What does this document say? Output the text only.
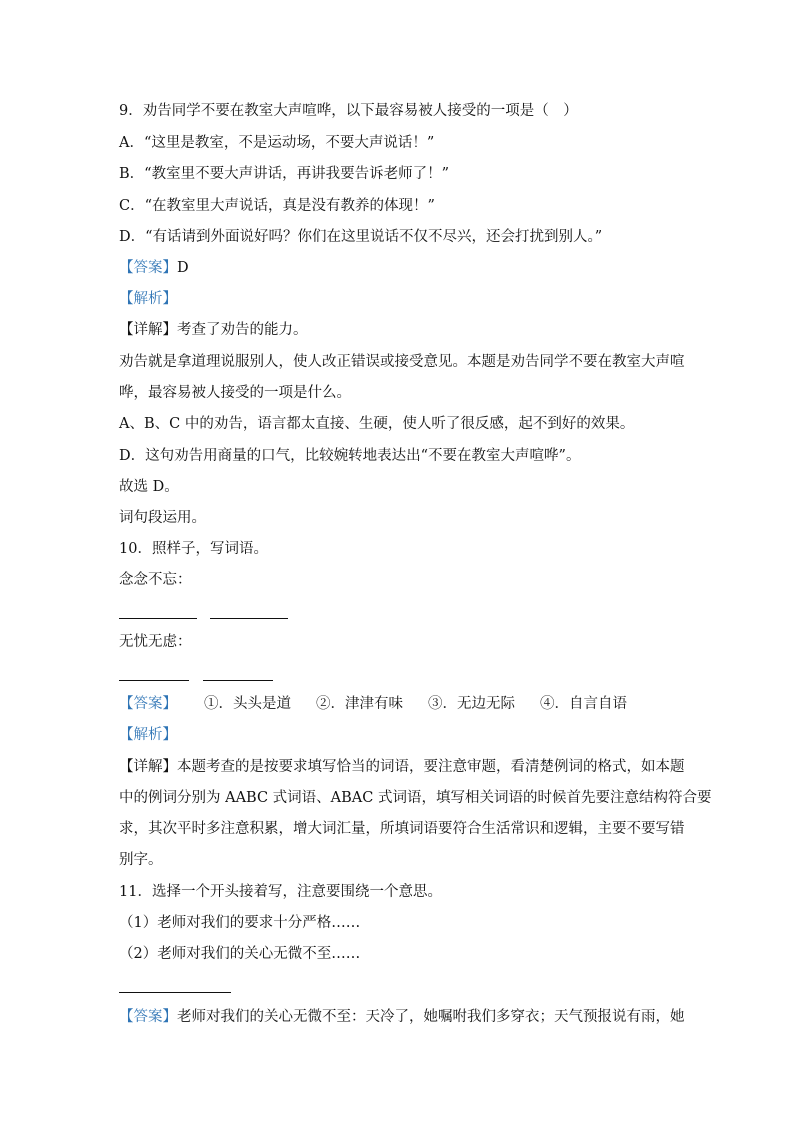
9．劝告同学不要在教室大声喧哗，以下最容易被人接受的一项是（　）
A．“这里是教室，不是运动场，不要大声说话！”
B．“教室里不要大声讲话，再讲我要告诉老师了！”
C．“在教室里大声说话，真是没有教养的体现！”
D．“有话请到外面说好吗？你们在这里说话不仅不尽兴，还会打扰到别人。”
【答案】D
【解析】
【详解】考查了劝告的能力。
劝告就是拿道理说服别人，使人改正错误或接受意见。本题是劝告同学不要在教室大声喧
哗，最容易被人接受的一项是什么。
A、B、C 中的劝告，语言都太直接、生硬，使人听了很反感，起不到好的效果。
D．这句劝告用商量的口气，比较婉转地表达出“不要在教室大声喧哗”。
故选 D。
词句段运用。
10．照样子，写词语。
念念不忘：
无忧无虑：
【答案】 ①．头头是道 ②．津津有味 ③．无边无际 ④．自言自语
【解析】
【详解】本题考查的是按要求填写恰当的词语，要注意审题，看清楚例词的格式，如本题
中的例词分别为 AABC 式词语、ABAC 式词语，填写相关词语的时候首先要注意结构符合要
求，其次平时多注意积累，增大词汇量，所填词语要符合生活常识和逻辑，主要不要写错
别字。
11．选择一个开头接着写，注意要围绕一个意思。
（1）老师对我们的要求十分严格……
（2）老师对我们的关心无微不至……
【答案】老师对我们的关心无微不至：天冷了，她嘱咐我们多穿衣；天气预报说有雨，她
